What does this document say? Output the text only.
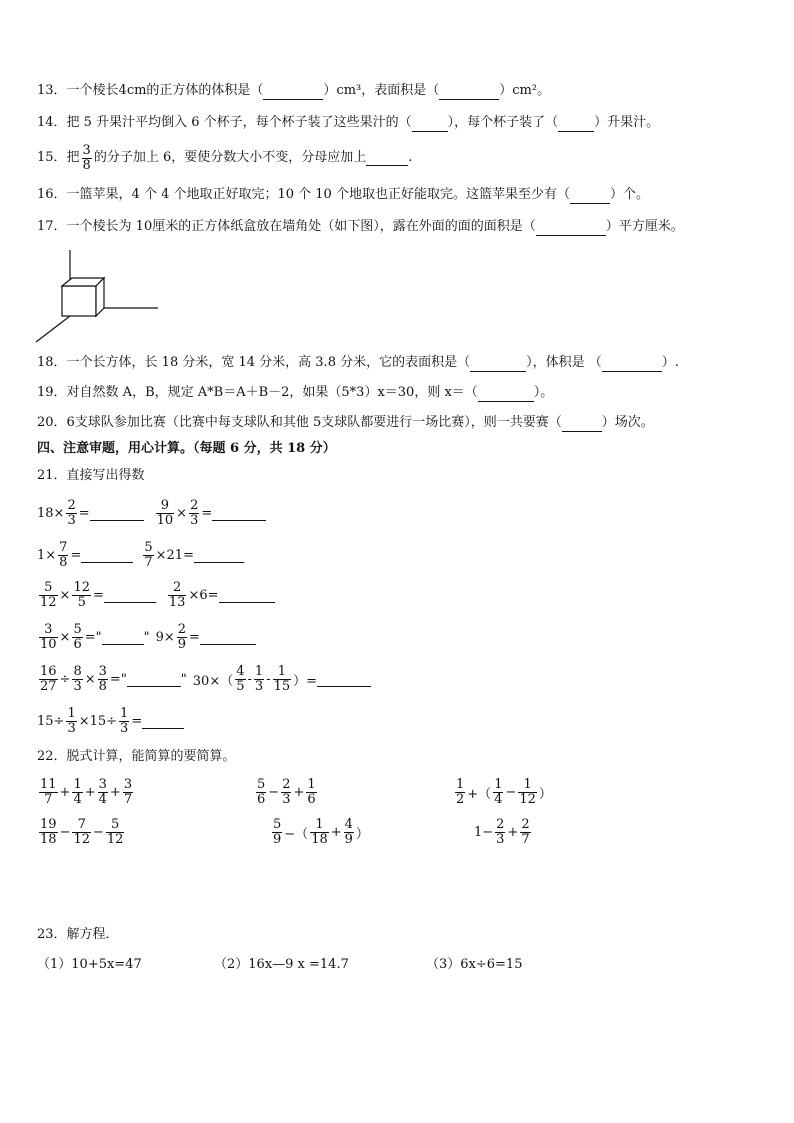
13．一个棱长4cm的正方体的体积是（	）cm³，表面积是（	）cm²。
14．把 5 升果汁平均倒入 6 个杯子，每个杯子装了这些果汁的（	），每个杯子装了（	）升果汁。
15．把 $\frac{3}{8}$ 的分子加上 6，要使分数大小不变，分母应加上	.
16．一篮苹果，4 个 4 个地取正好取完；10 个 10 个地取也正好能取完。这篮苹果至少有（	）个。
17．一个棱长为 10厘米的正方体纸盒放在墙角处（如下图），露在外面的面的面积是（	）平方厘米。
18．一个长方体，长 18 分米，宽 14 分米，高 3.8 分米，它的表面积是（	），体积是 （	）.
19．对自然数 A，B，规定 A*B＝A＋B－2，如果（5*3）x＝30，则 x＝（	）。
20．6支球队参加比赛（比赛中每支球队和其他 5支球队都要进行一场比赛），则一共要赛（	）场次。
四、注意审题，用心计算。（每题 6 分，共 18 分）
21．直接写出得数
$18\times \frac{2}{3}$ =	$\frac{9}{10} \times \frac{2}{3}$ =
$1\times \frac{7}{8}$ =	$\frac{5}{7} \times 21=$
$\frac{5}{12} \times \frac{12}{5}$ =	$\frac{2}{13} \times 6=$
$\frac{3}{10} \times \frac{5}{6}$ ="	" $9\times \frac{2}{9}$ =
$\frac{16}{27} \div \frac{8}{3} \times \frac{3}{8}$ ="	" $30\times( \frac{4}{5} - \frac{1}{3} - \frac{1}{15}$ ）=
$15\div \frac{1}{3} \times 15\div \frac{1}{3}$ =
22．脱式计算，能简算的要简算。
$\frac{11}{7} + \frac{1}{4} + \frac{3}{4} + \frac{3}{7}$	$\frac{5}{6} - \frac{2}{3} + \frac{1}{6}$	$\frac{1}{2}$ +（ $\frac{1}{4} - \frac{1}{12}$ ）
$\frac{19}{18} - \frac{7}{12} - \frac{5}{12}$	$\frac{5}{9}$ −（ $\frac{1}{18} + \frac{4}{9}$ ）	$1- \frac{2}{3} + \frac{2}{7}$
23．解方程．
（1）10+5x=47	（2）16x—9 x =14.7	（3）6x÷6=15
